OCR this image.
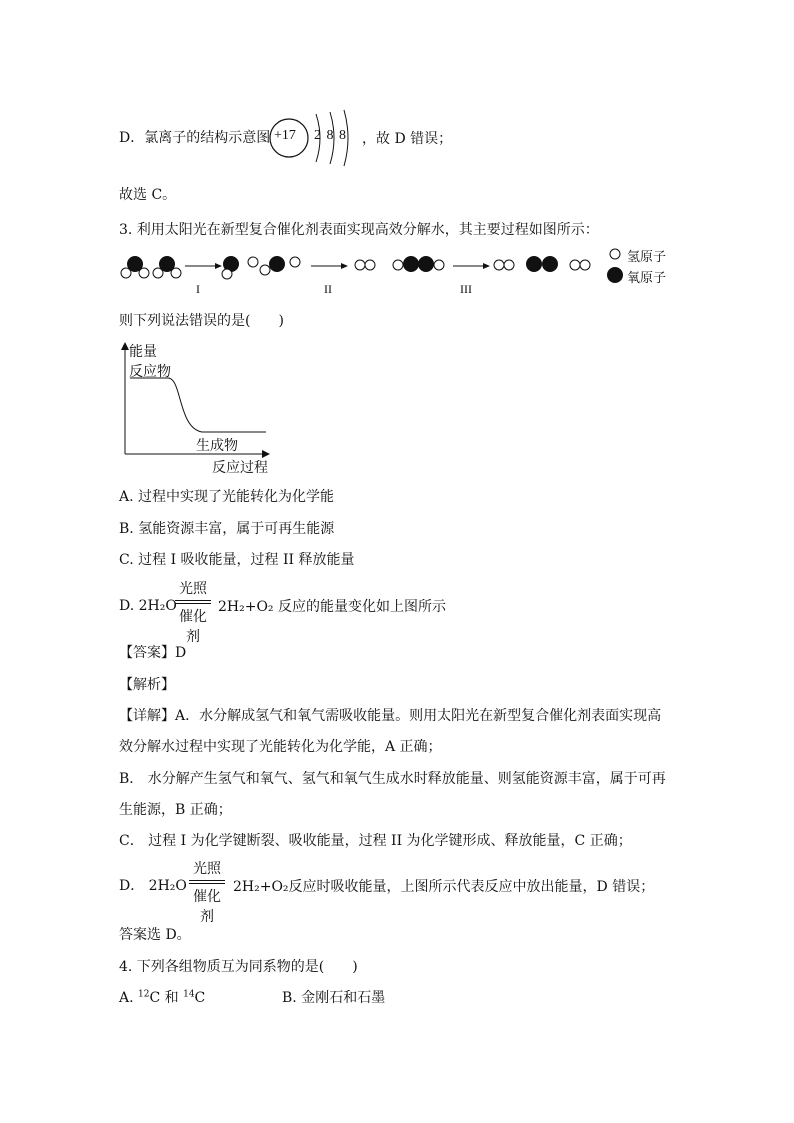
D．氯离子的结构示意图 +17 2 8 8 ，故 D 错误；
故选 C。
3. 利用太阳光在新型复合催化剂表面实现高效分解水，其主要过程如图所示：
I	II	III
氢原子
氧原子
则下列说法错误的是(　　)
能量
反应物
生成物
反应过程
A. 过程中实现了光能转化为化学能
B. 氢能资源丰富，属于可再生能源
C. 过程 I 吸收能量，过程 II 释放能量
D. 2H₂O
光照
催化剂
2H₂+O₂ 反应的能量变化如上图所示
【答案】D
【解析】
【详解】A．水分解成氢气和氧气需吸收能量。则用太阳光在新型复合催化剂表面实现高
效分解水过程中实现了光能转化为化学能，A 正确；
B． 水分解产生氢气和氧气、氢气和氧气生成水时释放能量、则氢能资源丰富，属于可再
生能源，B 正确；
C． 过程 I 为化学键断裂、吸收能量，过程 II 为化学键形成、释放能量，C 正确；
D． 2H₂O
光照
催化剂
2H₂+O₂反应时吸收能量，上图所示代表反应中放出能量，D 错误；
答案选 D。
4. 下列各组物质互为同系物的是(　　)
A. $^{12}$C 和 $^{14}$C	B. 金刚石和石墨
